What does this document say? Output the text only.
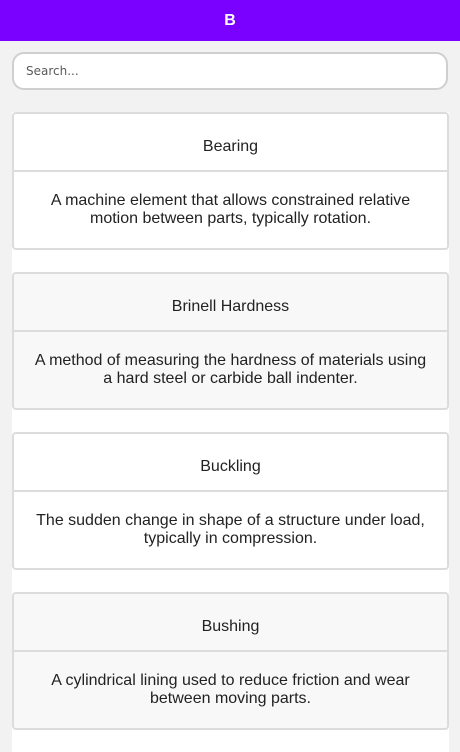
B
Search...
Bearing
A machine element that allows constrained relative motion between parts, typically rotation.
Brinell Hardness
A method of measuring the hardness of materials using a hard steel or carbide ball indenter.
Buckling
The sudden change in shape of a structure under load, typically in compression.
Bushing
A cylindrical lining used to reduce friction and wear between moving parts.
